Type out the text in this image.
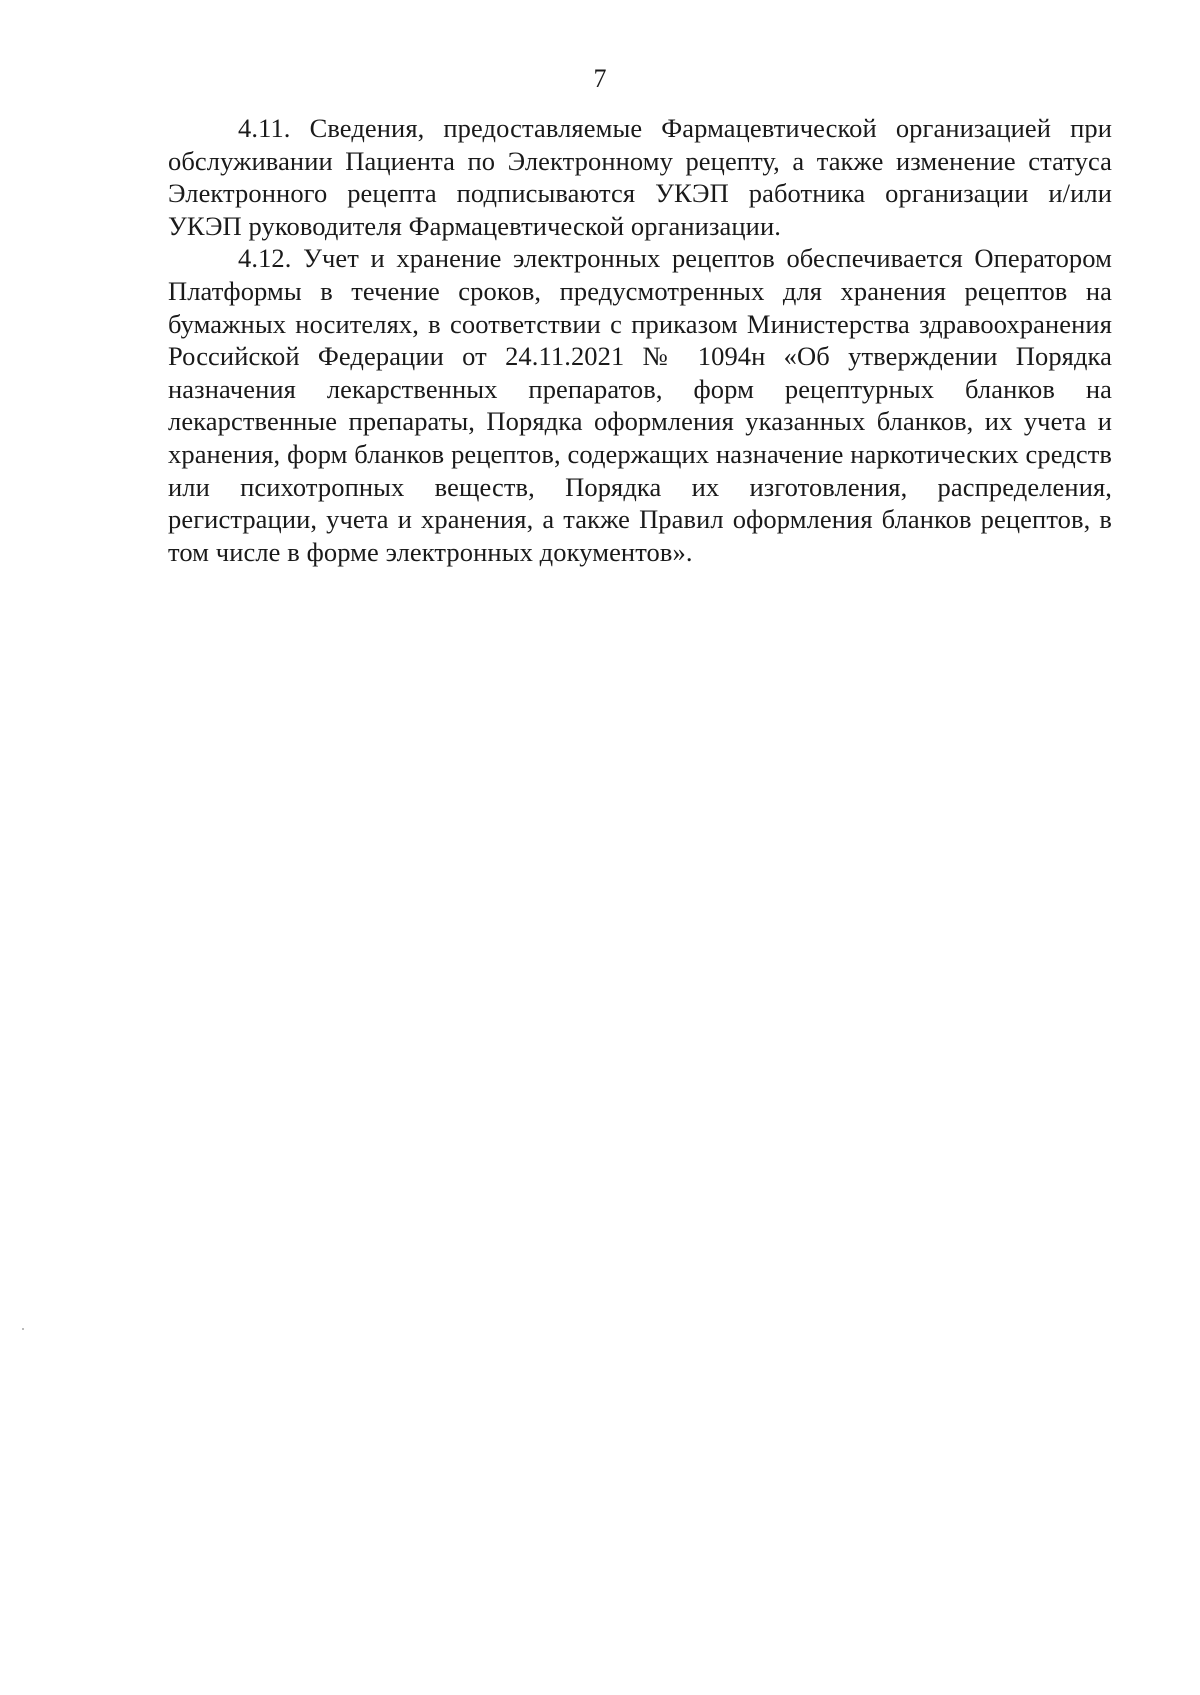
7

4.11. Сведения, предоставляемые Фармацевтической организацией при обслуживании Пациента по Электронному рецепту, а также изменение статуса Электронного рецепта подписываются УКЭП работника организации и/или УКЭП руководителя Фармацевтической организации.

4.12. Учет и хранение электронных рецептов обеспечивается Оператором Платформы в течение сроков, предусмотренных для хранения рецептов на бумажных носителях, в соответствии с приказом Министерства здравоохранения Российской Федерации от 24.11.2021 № 1094н «Об утверждении Порядка назначения лекарственных препаратов, форм рецептурных бланков на лекарственные препараты, Порядка оформления указанных бланков, их учета и хранения, форм бланков рецептов, содержащих назначение наркотических средств или психотропных веществ, Порядка их изготовления, распределения, регистрации, учета и хранения, а также Правил оформления бланков рецептов, в том числе в форме электронных документов».
